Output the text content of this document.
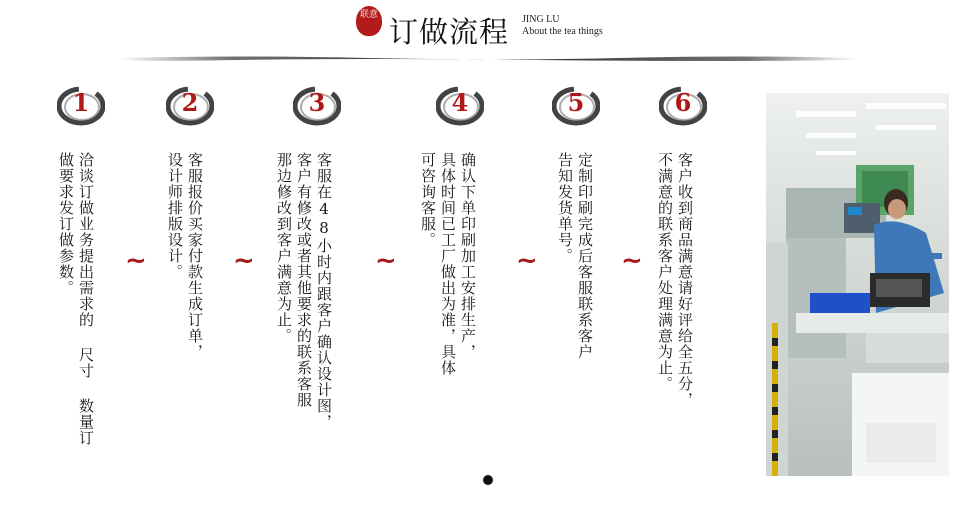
联意 订做流程 JING LU
About the tea things
1	2	3	4	5	6
洽谈订做业务提出需求的 尺寸 数量订
做要求发订做参数。	客服报价买家付款生成订单，
设计师排版设计。	客服在48小时内跟客户确认设计图，
客户有修改或者其他要求的联系客服
那边修改到客户满意为止。	确认下单印刷加工安排生产，
具体时间已工厂做出为准，具体
可咨询客服。	定制印刷完成后客服联系客户
告知发货单号。	客户收到商品满意请好评给全五分，
不满意的联系客户处理满意为止。
~	~	~	~	~
